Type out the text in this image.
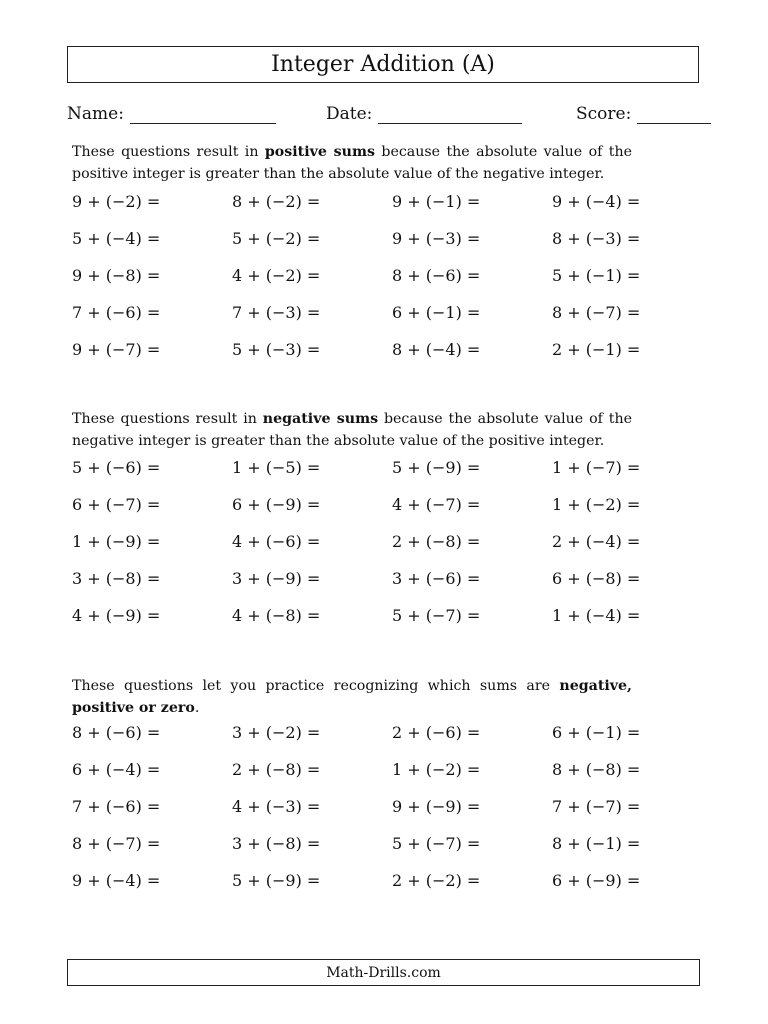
Integer Addition (A)
Name:	Date:	Score:
These questions result in positive sums because the absolute value of the positive integer is greater than the absolute value of the negative integer.
These questions result in negative sums because the absolute value of the negative integer is greater than the absolute value of the positive integer.
These questions let you practice recognizing which sums are negative, positive or zero.
9 + (−2) =	8 + (−2) =	9 + (−1) =	9 + (−4) =
5 + (−4) =	5 + (−2) =	9 + (−3) =	8 + (−3) =
9 + (−8) =	4 + (−2) =	8 + (−6) =	5 + (−1) =
7 + (−6) =	7 + (−3) =	6 + (−1) =	8 + (−7) =
9 + (−7) =	5 + (−3) =	8 + (−4) =	2 + (−1) =
5 + (−6) =	1 + (−5) =	5 + (−9) =	1 + (−7) =
6 + (−7) =	6 + (−9) =	4 + (−7) =	1 + (−2) =
1 + (−9) =	4 + (−6) =	2 + (−8) =	2 + (−4) =
3 + (−8) =	3 + (−9) =	3 + (−6) =	6 + (−8) =
4 + (−9) =	4 + (−8) =	5 + (−7) =	1 + (−4) =
8 + (−6) =	3 + (−2) =	2 + (−6) =	6 + (−1) =
6 + (−4) =	2 + (−8) =	1 + (−2) =	8 + (−8) =
7 + (−6) =	4 + (−3) =	9 + (−9) =	7 + (−7) =
8 + (−7) =	3 + (−8) =	5 + (−7) =	8 + (−1) =
9 + (−4) =	5 + (−9) =	2 + (−2) =	6 + (−9) =
Math-Drills.com
